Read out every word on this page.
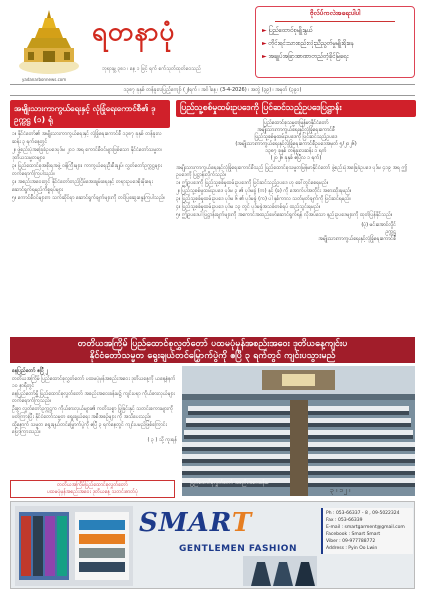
yadanarbonnews.com
ရတနာပုံ
ဘုရားမ္ဘ ၃၈၁ ၊ နေ့ ၁ ဖြင့် ရက် စက်သုတ်ထုတ်ဝေသည်
ဗိုလ်ပ်ကလဲအရေးပါပါ
► ပြည်ထောင်စုမျိုးနွယ်
► တိုင်းရင်းသားစည်းလုံးညီညွတ်မှုမျိုးရိုးနေ
► အချုပ်အခြာအာဏာတည်တံ့ခိုင်မြဲရေး
၁၃၈၇ ခုနှစ် တန်ခူးလပြည့်ကျော် (၂)ရက် ၊ အင်္ဂါနေ့ ၊ (3-4-2026) ၊ အတွဲ (၃၉) ၊ အမှတ် (၃၉၁)
အမျိုးသားကာကွယ်ရေးနှင့် လုံခြုံရေးကောင်စီ၏ ဒုဥက္ကဋ္ဌ (၁) ရုံ

၁။ နိုင်ငံတော်၏ အမျိုးသားကာကွယ်ရေးနှင့် လုံခြုံရေးကောင်စီ ၁၃၈၇ ခုနှစ် တန်ခူးလဆန်း ၃ ရက်နေ့တွင်

၂။ ဖွဲ့စည်းပုံအခြေခံဥပဒေပုဒ်မ ၂၀၁ အရ ကောင်စီဝင်များဖြစ်သော နိုင်ငံတော်သမ္မတ၊ ဒုတိယသမ္မတများ၊

၃။ ပြည်ထောင်စုအစိုးရအဖွဲ့ ဝန်ကြီးများ၊ ကာကွယ်ရေးဦးစီးချုပ်၊ လွှတ်တော်ဥက္ကဋ္ဌများ တက်ရောက်ကြပါသည်။

၄။ အစည်းအဝေးတွင် နိုင်ငံတော်တည်ငြိမ်အေးချမ်းရေးနှင့် တရားဥပဒေစိုးမိုးရေး ဆောင်ရွက်ရမည့်ကိစ္စရပ်များ

၅။ ကောင်စီဝင်များက သက်ဆိုင်ရာ ဆောင်ရွက်ချက်များကို တင်ပြဆွေးနွေးကြပါသည်။

ပြည်သူ့စစ်မှုထမ်းဥပဒေကို ပြင်ဆင်သည့်ဥပဒေပြဋ္ဌာန်း
ပြည်ထောင်စုသမ္မတမြန်မာနိုင်ငံတော်
အမျိုးသားကာကွယ်ရေးနှင့်လုံခြုံရေးကောင်စီ
ပြည်သူ့စစ်မှုထမ်းဥပဒေကို ပြင်ဆင်သည့်ဥပဒေ
(အမျိုးသားကာကွယ်ရေးနှင့်လုံခြုံရေးကောင်စီဥပဒေအမှတ် ၅/၂၀၂၆)
၁၃၈၇ ခုနှစ် တန်ခူးလဆန်း ၁ ရက်
(၂၀၂၆ ခုနှစ် ဧပြီလ ၁ ရက်)

အမျိုးသားကာကွယ်ရေးနှင့်လုံခြုံရေးကောင်စီသည် ပြည်ထောင်စုသမ္မတမြန်မာနိုင်ငံတော် ဖွဲ့စည်းပုံအခြေခံဥပဒေ ပုဒ်မ ၄၁၉ အရ ဤဥပဒေကို ပြဋ္ဌာန်းလိုက်သည်။

၁။ ဤဥပဒေကို ပြည်သူ့စစ်မှုထမ်းဥပဒေကို ပြင်ဆင်သည့်ဥပဒေ ဟု ခေါ်တွင်စေရမည်။

၂။ ပြည်သူ့စစ်မှုထမ်းဥပဒေ ပုဒ်မ ၃ ၏ ပုဒ်မခွဲ (က) နှင့် (ခ) ကို အောက်ပါအတိုင်း အစားထိုးရမည်။

၃။ ပြည်သူ့စစ်မှုထမ်းဥပဒေ ပုဒ်မ ၆ ၏ ပုဒ်မခွဲ (က) ပါ နှစ်ကာလ သတ်မှတ်ချက်ကို ပြင်ဆင်ရမည်။

၄။ ပြည်သူ့စစ်မှုထမ်းဥပဒေ ပုဒ်မ ၁၃ တွင် ပုဒ်မခွဲအသစ်တစ်ရပ် ထည့်သွင်းရမည်။

၅။ ဤဥပဒေပါ ပြဋ္ဌာန်းချက်များကို အကောင်အထည်ဖော်ဆောင်ရွက်ရန် လိုအပ်သော နည်းဥပဒေများကို ထုတ်ပြန်နိုင်သည်။

(ပုံ) မင်းအောင်လှိုင်
ဥက္ကဋ္ဌ
အမျိုးသားကာကွယ်ရေးနှင့်လုံခြုံရေးကောင်စီ
တတိယအကြိမ် ပြည်ထောင်စုလွှတ်တော် ပထမပုံမှန်အစည်းအဝေး ဒုတိယနေ့ကျင်းပ
နိုင်ငံတော်သမ္မတ ရွေးချယ်တင်မြှောက်ပွဲကို ဧပြီ ၃ ရက်တွင် ကျင်းပသွားမည်

နေပြည်တော် ဧပြီ ၂

တတိယအကြိမ် ပြည်ထောင်စုလွှတ်တော် ပထမပုံမှန်အစည်းအဝေး ဒုတိယနေ့ကို ယနေ့နံနက် ၁၀ နာရီတွင်

နေပြည်တော်ရှိ ပြည်ထောင်စုလွှတ်တော် အစည်းအဝေးခန်းမ၌ ကျင်းပရာ ကိုယ်စားလှယ်များ တက်ရောက်ကြသည်။

ဦးစွာ လွှတ်တော်ဥက္ကဋ္ဌက ကိုယ်စားလှယ်များ၏ ကတိသစ္စာ ပြုခြင်းနှင့် သတင်းစကားများကို

ဖတ်ကြားပြီး နိုင်ငံတော်သမ္မတ ရွေးချယ်ရေး အစီအစဉ်များ ကို အသိပေးသည်။

ထို့နောက် သမ္မတ ရွေးချယ်တင်မြှောက်ပွဲကို ဧပြီ ၃ ရက်နေ့တွင် ကျင်းပမည်ဖြစ်ကြောင်း ပြောကြားသည်။

( ၃ ) သို့ ကူးရန်

ပြည်ထောင်စုလွှတ်တော် အစည်းအဝေးခန်းမ
တတိယအကြိမ်ပြည်ထောင်စုလွှတ်တော်
ပထမပုံမှန်အစည်းအဝေး ဒုတိယနေ့ သတင်းဓာတ်ပုံ	၃ ၊ ၁၂ ၊
SMART
GENTLEMEN FASHION
Ph : 053-66337 - 8 , 09-5022324
Fax : 053-66339
E-mail : smartgarment@gmail.com
Facebook : Smart Smart
Viber : 09-977788772
Address : Pyin Oo Lwin
